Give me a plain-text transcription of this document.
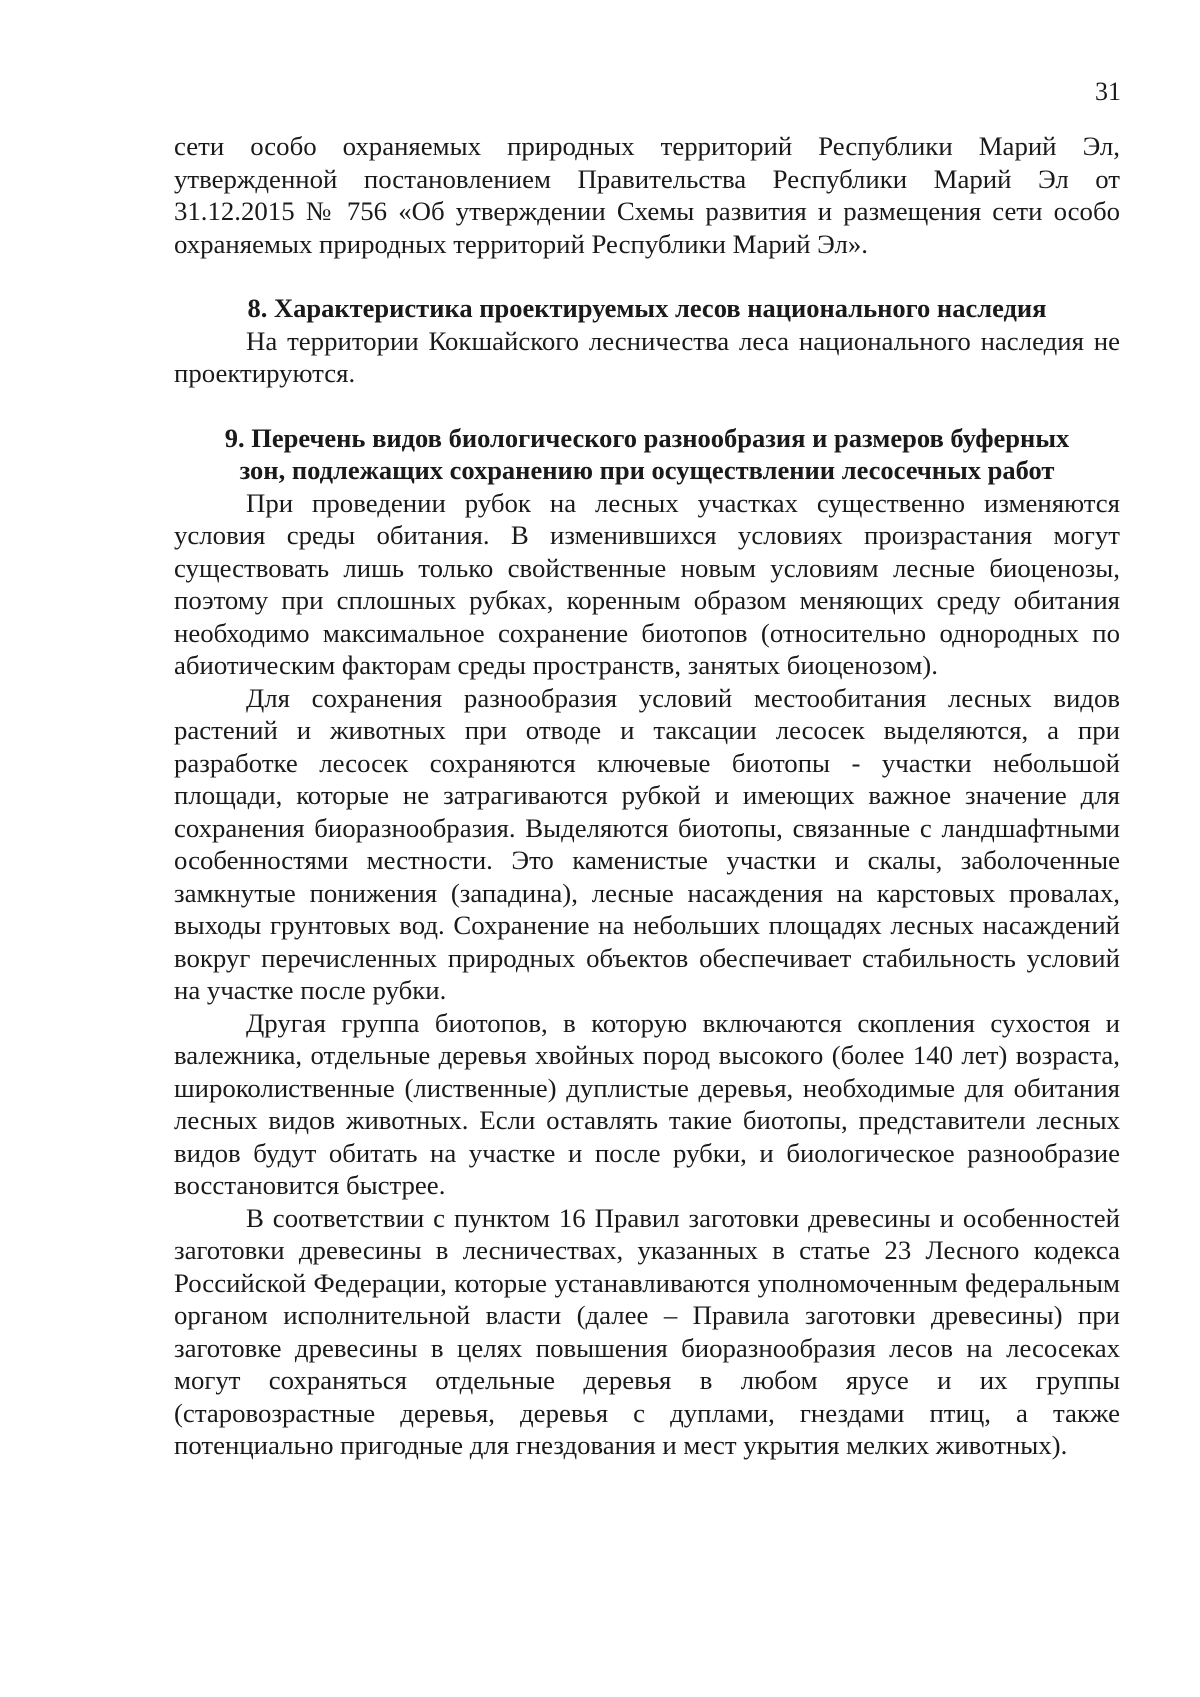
31

сети особо охраняемых природных территорий Республики Марий Эл, утвержденной постановлением Правительства Республики Марий Эл от 31.12.2015 № 756 «Об утверждении Схемы развития и размещения сети особо охраняемых природных территорий Республики Марий Эл».

8. Характеристика проектируемых лесов национального наследия

На территории Кокшайского лесничества леса национального наследия не проектируются.

9. Перечень видов биологического разнообразия и размеров буферных

зон, подлежащих сохранению при осуществлении лесосечных работ

При проведении рубок на лесных участках существенно изменяются условия среды обитания. В изменившихся условиях произрастания могут существовать лишь только свойственные новым условиям лесные биоценозы, поэтому при сплошных рубках, коренным образом меняющих среду обитания необходимо максимальное сохранение биотопов (относительно однородных по абиотическим факторам среды пространств, занятых биоценозом).

Для сохранения разнообразия условий местообитания лесных видов растений и животных при отводе и таксации лесосек выделяются, а при разработке лесосек сохраняются ключевые биотопы - участки небольшой площади, которые не затрагиваются рубкой и имеющих важное значение для сохранения биоразнообразия. Выделяются биотопы, связанные с ландшафтными особенностями местности. Это каменистые участки и скалы, заболоченные замкнутые понижения (западина), лесные насаждения на карстовых провалах, выходы грунтовых вод. Сохранение на небольших площадях лесных насаждений вокруг перечисленных природных объектов обеспечивает стабильность условий на участке после рубки.

Другая группа биотопов, в которую включаются скопления сухостоя и валежника, отдельные деревья хвойных пород высокого (более 140 лет) возраста, широколиственные (лиственные) дуплистые деревья, необходимые для обитания лесных видов животных. Если оставлять такие биотопы, представители лесных видов будут обитать на участке и после рубки, и биологическое разнообразие восстановится быстрее.

В соответствии с пунктом 16 Правил заготовки древесины и особенностей заготовки древесины в лесничествах, указанных в статье 23 Лесного кодекса Российской Федерации, которые устанавливаются уполномоченным федеральным органом исполнительной власти (далее – Правила заготовки древесины) при заготовке древесины в целях повышения биоразнообразия лесов на лесосеках могут сохраняться отдельные деревья в любом ярусе и их группы (старовозрастные деревья, деревья с дуплами, гнездами птиц, а также потенциально пригодные для гнездования и мест укрытия мелких животных).
